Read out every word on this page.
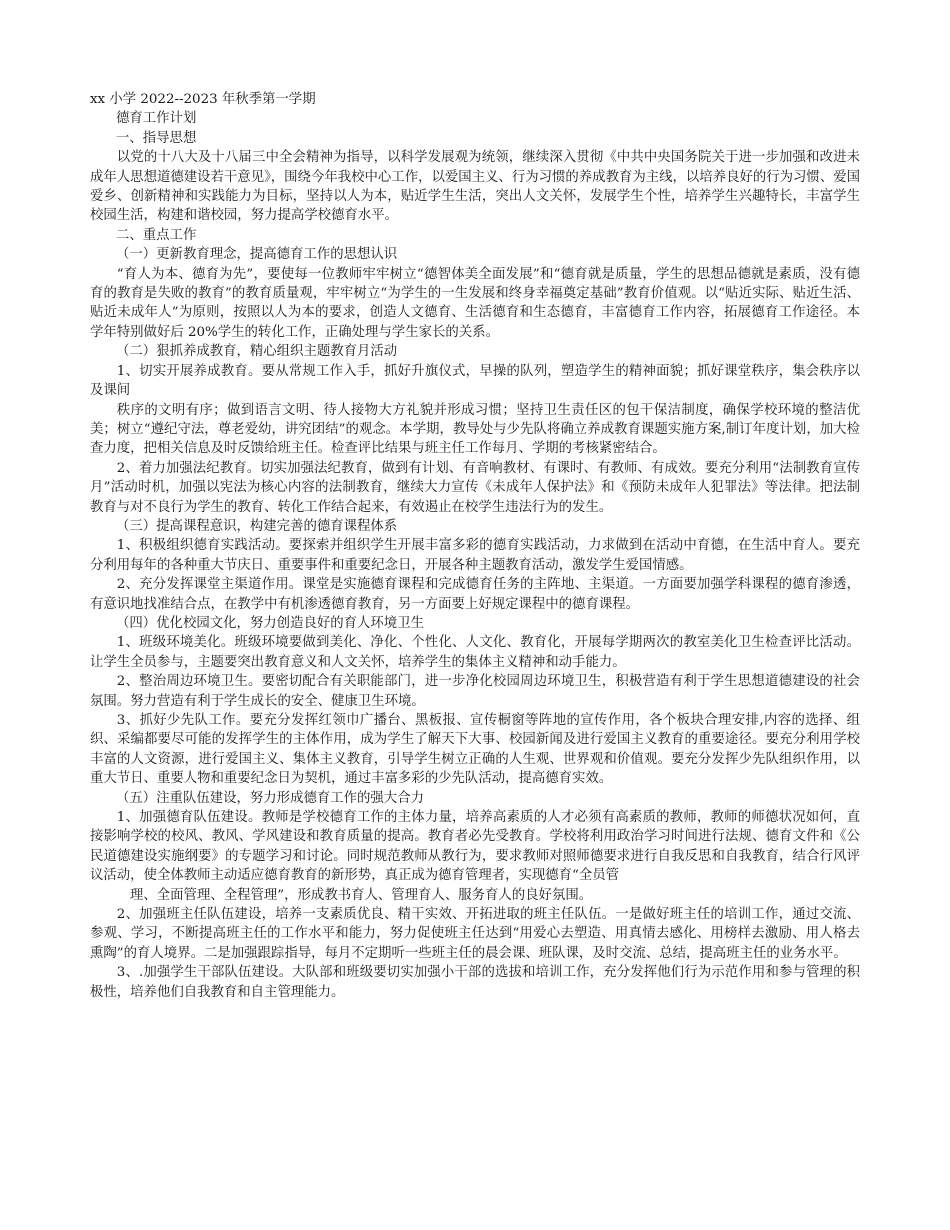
xx 小学 2022--2023 年秋季第一学期

德育工作计划

一、指导思想

以党的十八大及十八届三中全会精神为指导，以科学发展观为统领，继续深入贯彻《中共中央国务院关于进一步加强和改进未成年人思想道德建设若干意见》，围绕今年我校中心工作，以爱国主义、行为习惯的养成教育为主线，以培养良好的行为习惯、爱国爱乡、创新精神和实践能力为目标，坚持以人为本，贴近学生生活，突出人文关怀，发展学生个性，培养学生兴趣特长，丰富学生校园生活，构建和谐校园，努力提高学校德育水平。

二、重点工作

（一）更新教育理念，提高德育工作的思想认识

“育人为本、德育为先”，要使每一位教师牢牢树立“德智体美全面发展”和“德育就是质量，学生的思想品德就是素质，没有德育的教育是失败的教育”的教育质量观，牢牢树立“为学生的一生发展和终身幸福奠定基础”教育价值观。以“贴近实际、贴近生活、贴近未成年人”为原则，按照以人为本的要求，创造人文德育、生活德育和生态德育，丰富德育工作内容，拓展德育工作途径。本学年特别做好后 20%学生的转化工作，正确处理与学生家长的关系。

（二）狠抓养成教育，精心组织主题教育月活动

1、切实开展养成教育。要从常规工作入手，抓好升旗仪式，早操的队列，塑造学生的精神面貌；抓好课堂秩序，集会秩序以及课间

秩序的文明有序；做到语言文明、待人接物大方礼貌并形成习惯；坚持卫生责任区的包干保洁制度，确保学校环境的整洁优美；树立“遵纪守法，尊老爱幼，讲究团结”的观念。本学期，教导处与少先队将确立养成教育课题实施方案,制订年度计划，加大检查力度，把相关信息及时反馈给班主任。检查评比结果与班主任工作每月、学期的考核紧密结合。

2、着力加强法纪教育。切实加强法纪教育，做到有计划、有音响教材、有课时、有教师、有成效。要充分利用“法制教育宣传月”活动时机，加强以宪法为核心内容的法制教育，继续大力宣传《未成年人保护法》和《预防未成年人犯罪法》等法律。把法制教育与对不良行为学生的教育、转化工作结合起来，有效遏止在校学生违法行为的发生。

（三）提高课程意识，构建完善的德育课程体系

1、积极组织德育实践活动。要探索并组织学生开展丰富多彩的德育实践活动，力求做到在活动中育德，在生活中育人。要充分利用每年的各种重大节庆日、重要事件和重要纪念日，开展各种主题教育活动，激发学生爱国情感。

2、充分发挥课堂主渠道作用。课堂是实施德育课程和完成德育任务的主阵地、主渠道。一方面要加强学科课程的德育渗透，有意识地找准结合点，在教学中有机渗透德育教育，另一方面要上好规定课程中的德育课程。

（四）优化校园文化，努力创造良好的育人环境卫生

1、班级环境美化。班级环境要做到美化、净化、个性化、人文化、教育化，开展每学期两次的教室美化卫生检查评比活动。让学生全员参与，主题要突出教育意义和人文关怀，培养学生的集体主义精神和动手能力。

2、整治周边环境卫生。要密切配合有关职能部门，进一步净化校园周边环境卫生，积极营造有利于学生思想道德建设的社会氛围。努力营造有利于学生成长的安全、健康卫生环境。

3、抓好少先队工作。要充分发挥红领巾广播台、黑板报、宣传橱窗等阵地的宣传作用，各个板块合理安排,内容的选择、组织、采编都要尽可能的发挥学生的主体作用，成为学生了解天下大事、校园新闻及进行爱国主义教育的重要途径。要充分利用学校丰富的人文资源，进行爱国主义、集体主义教育，引导学生树立正确的人生观、世界观和价值观。要充分发挥少先队组织作用，以重大节日、重要人物和重要纪念日为契机，通过丰富多彩的少先队活动，提高德育实效。

（五）注重队伍建设，努力形成德育工作的强大合力

1、加强德育队伍建设。教师是学校德育工作的主体力量，培养高素质的人才必须有高素质的教师，教师的师德状况如何，直接影响学校的校风、教风、学风建设和教育质量的提高。教育者必先受教育。学校将利用政治学习时间进行法规、德育文件和《公民道德建设实施纲要》的专题学习和讨论。同时规范教师从教行为，要求教师对照师德要求进行自我反思和自我教育，结合行风评议活动，使全体教师主动适应德育教育的新形势，真正成为德育管理者，实现德育“全员管

理、全面管理、全程管理”，形成教书育人、管理育人、服务育人的良好氛围。

2、加强班主任队伍建设，培养一支素质优良、精干实效、开拓进取的班主任队伍。一是做好班主任的培训工作，通过交流、参观、学习，不断提高班主任的工作水平和能力，努力促使班主任达到“用爱心去塑造、用真情去感化、用榜样去激励、用人格去熏陶”的育人境界。二是加强跟踪指导，每月不定期听一些班主任的晨会课、班队课，及时交流、总结，提高班主任的业务水平。

3、.加强学生干部队伍建设。大队部和班级要切实加强小干部的选拔和培训工作，充分发挥他们行为示范作用和参与管理的积极性，培养他们自我教育和自主管理能力。
